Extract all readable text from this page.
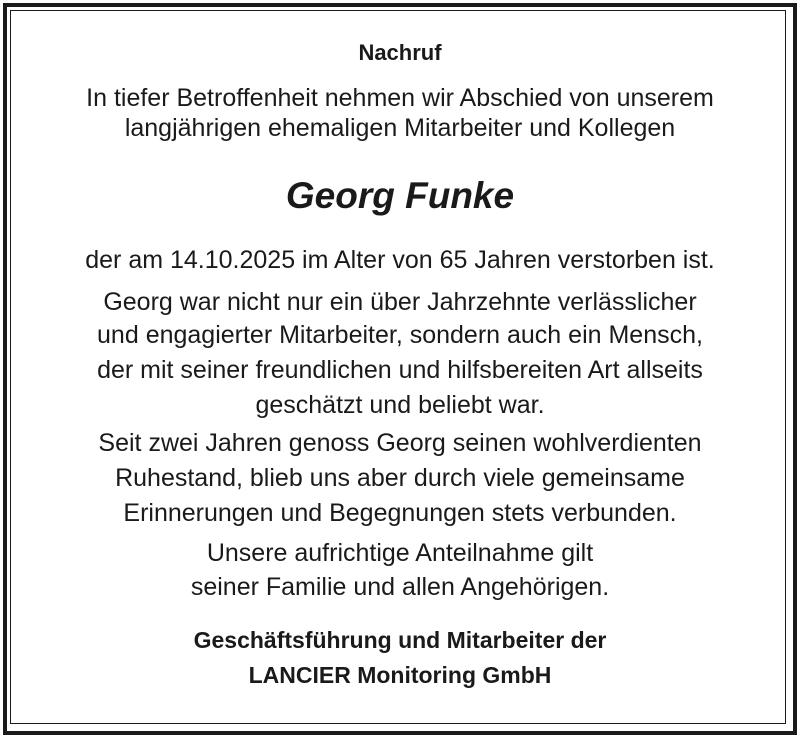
Nachruf
In tiefer Betroffenheit nehmen wir Abschied von unserem
langjährigen ehemaligen Mitarbeiter und Kollegen
Georg Funke
der am 14.10.2025 im Alter von 65 Jahren verstorben ist.
Georg war nicht nur ein über Jahrzehnte verlässlicher
und engagierter Mitarbeiter, sondern auch ein Mensch,
der mit seiner freundlichen und hilfsbereiten Art allseits
geschätzt und beliebt war.
Seit zwei Jahren genoss Georg seinen wohlverdienten
Ruhestand, blieb uns aber durch viele gemeinsame
Erinnerungen und Begegnungen stets verbunden.
Unsere aufrichtige Anteilnahme gilt
seiner Familie und allen Angehörigen.
Geschäftsführung und Mitarbeiter der
LANCIER Monitoring GmbH
